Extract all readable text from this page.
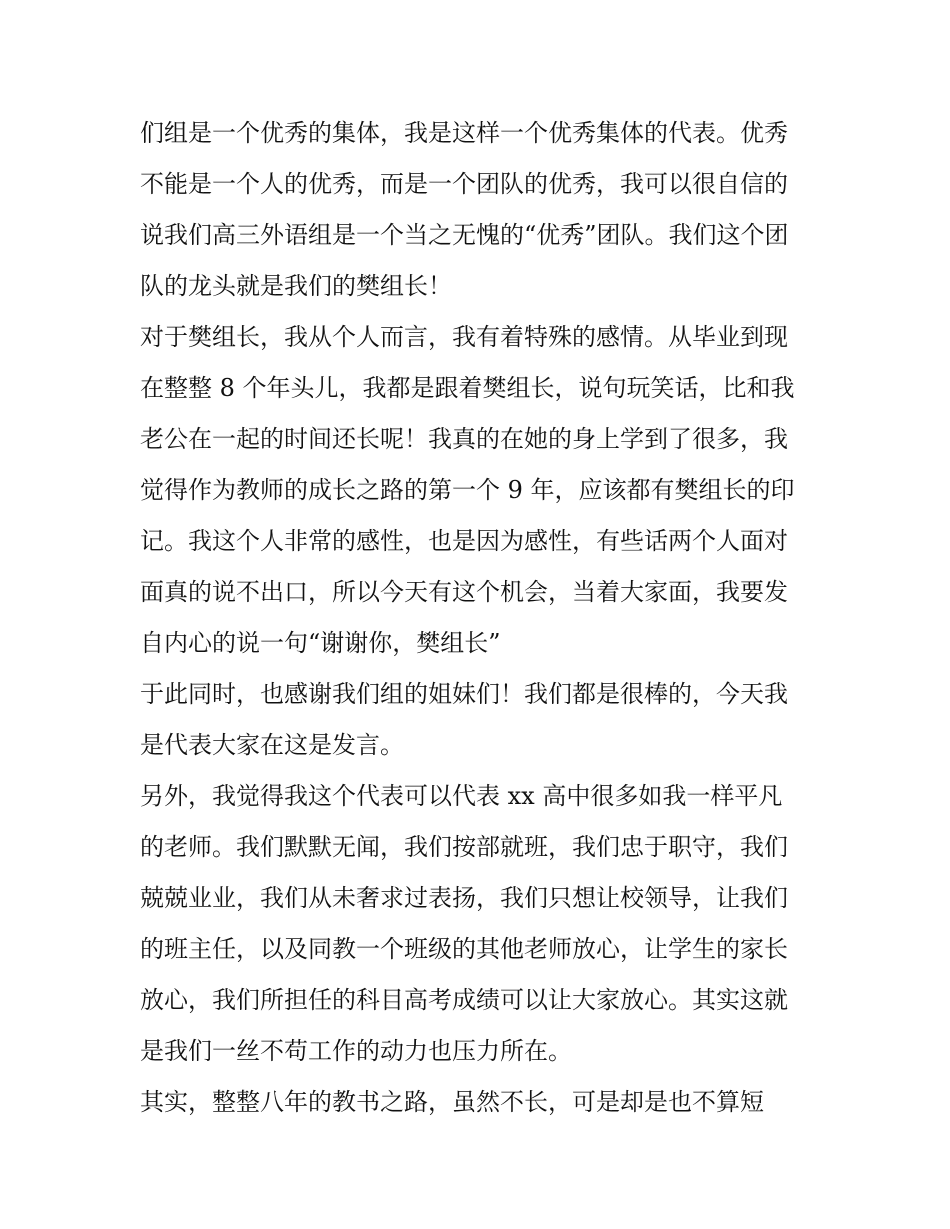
们组是一个优秀的集体，我是这样一个优秀集体的代表。优秀
不能是一个人的优秀，而是一个团队的优秀，我可以很自信的
说我们高三外语组是一个当之无愧的“优秀”团队。我们这个团
队的龙头就是我们的樊组长！
对于樊组长，我从个人而言，我有着特殊的感情。从毕业到现
在整整 8 个年头儿，我都是跟着樊组长，说句玩笑话，比和我
老公在一起的时间还长呢！我真的在她的身上学到了很多，我
觉得作为教师的成长之路的第一个 9 年，应该都有樊组长的印
记。我这个人非常的感性，也是因为感性，有些话两个人面对
面真的说不出口，所以今天有这个机会，当着大家面，我要发
自内心的说一句“谢谢你，樊组长”
于此同时，也感谢我们组的姐妹们！我们都是很棒的，今天我
是代表大家在这是发言。
另外，我觉得我这个代表可以代表 xx 高中很多如我一样平凡
的老师。我们默默无闻，我们按部就班，我们忠于职守，我们
兢兢业业，我们从未奢求过表扬，我们只想让校领导，让我们
的班主任，以及同教一个班级的其他老师放心，让学生的家长
放心，我们所担任的科目高考成绩可以让大家放心。其实这就
是我们一丝不苟工作的动力也压力所在。
其实，整整八年的教书之路，虽然不长，可是却是也不算短
